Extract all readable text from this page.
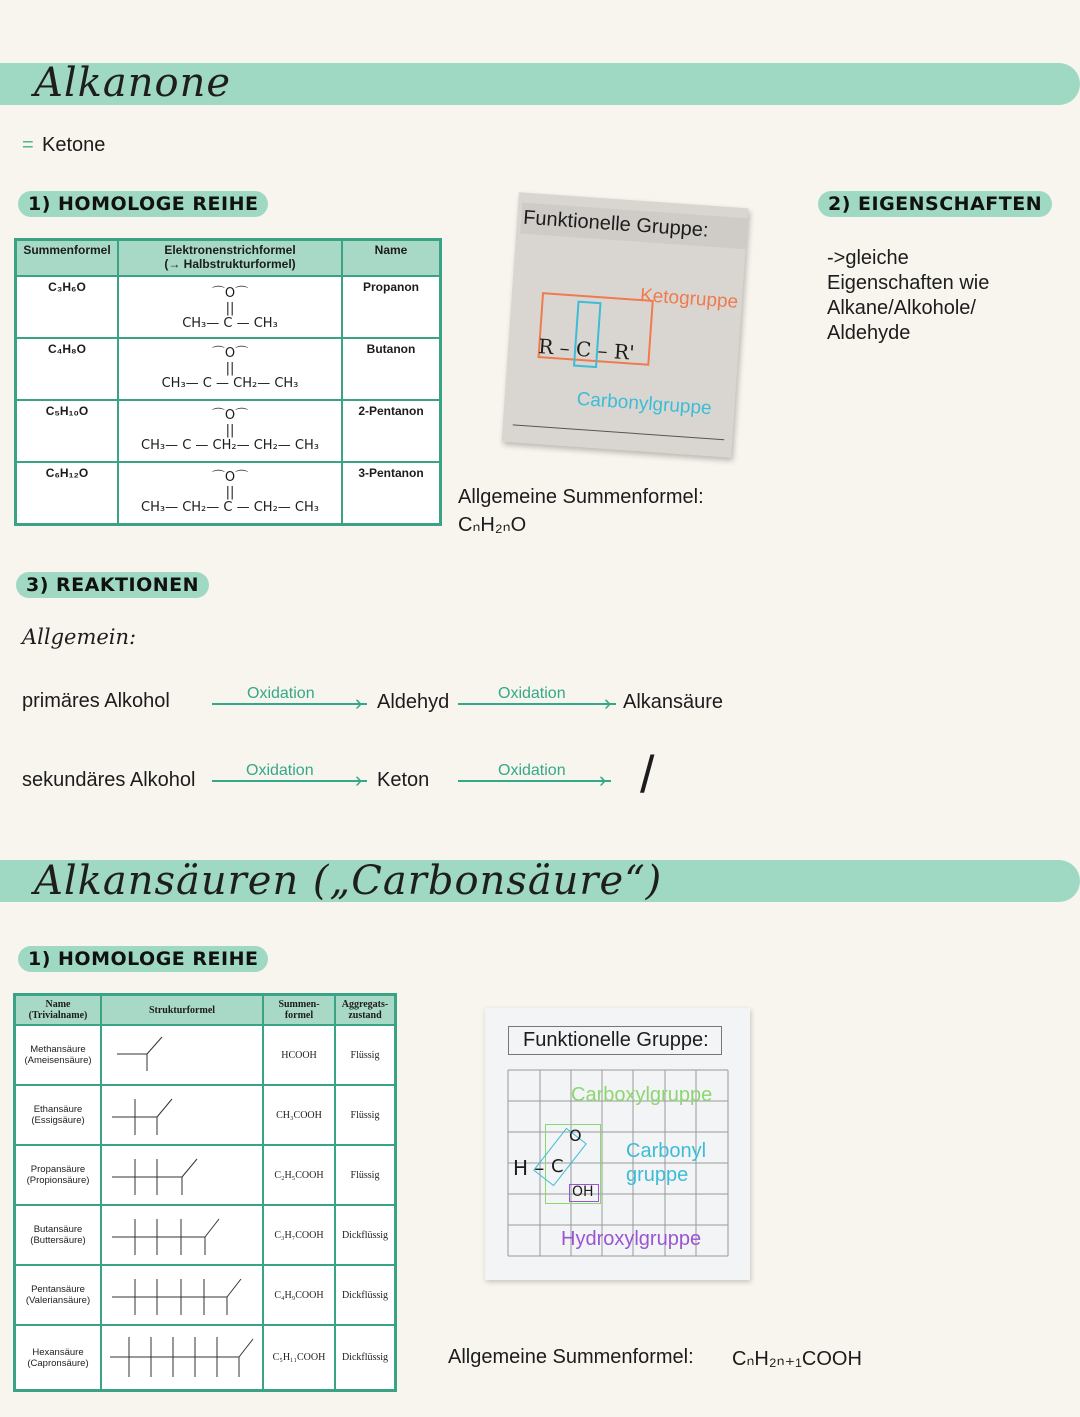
Alkanone
= Ketone
1) HOMOLOGE REIHE	2) EIGENSCHAFTEN
Summenformel	Elektronenstrichformel
(→ Halbstrukturformel)	Name
C₃H₆O	⌒O⌒
||
CH₃— C — CH₃	Propanon
C₄H₈O	⌒O⌒
||
CH₃— C — CH₂— CH₃	Butanon
C₅H₁₀O	⌒O⌒
||
CH₃— C — CH₂— CH₂— CH₃	2-Pentanon
C₆H₁₂O	⌒O⌒
||
CH₃— CH₂— C — CH₂— CH₃	3-Pentanon
Funktionelle Gruppe:
Ketogruppe
R – C – R'
Carbonylgruppe
Allgemeine Summenformel:
CₙH₂ₙO
->gleiche Eigenschaften wie Alkane/Alkohole/ Aldehyde
3) REAKTIONEN
Allgemein:
primäres Alkohol	Oxidation › Aldehyd	Oxidation › Alkansäure
sekundäres Alkohol	Oxidation › Keton	Oxidation › /
Alkansäuren („Carbonsäure“)
1) HOMOLOGE REIHE
Name (Trivialname)	Strukturformel	Summen-formel	Aggregats-zustand
Methansäure (Ameisensäure)		HCOOH	Flüssig
Ethansäure (Essigsäure)		CH₃COOH	Flüssig
Propansäure (Propionsäure)		C₂H₅COOH	Flüssig
Butansäure (Buttersäure)		C₃H₇COOH	Dickflüssig
Pentansäure (Valeriansäure)		C₄H₉COOH	Dickflüssig
Hexansäure (Capronsäure)		C₅H₁₁COOH	Dickflüssig
Funktionelle Gruppe:
Carboxylgruppe
H – C
O
OH
Carbonyl
gruppe
Hydroxylgruppe
Allgemeine Summenformel: CₙH₂ₙ₊₁COOH
